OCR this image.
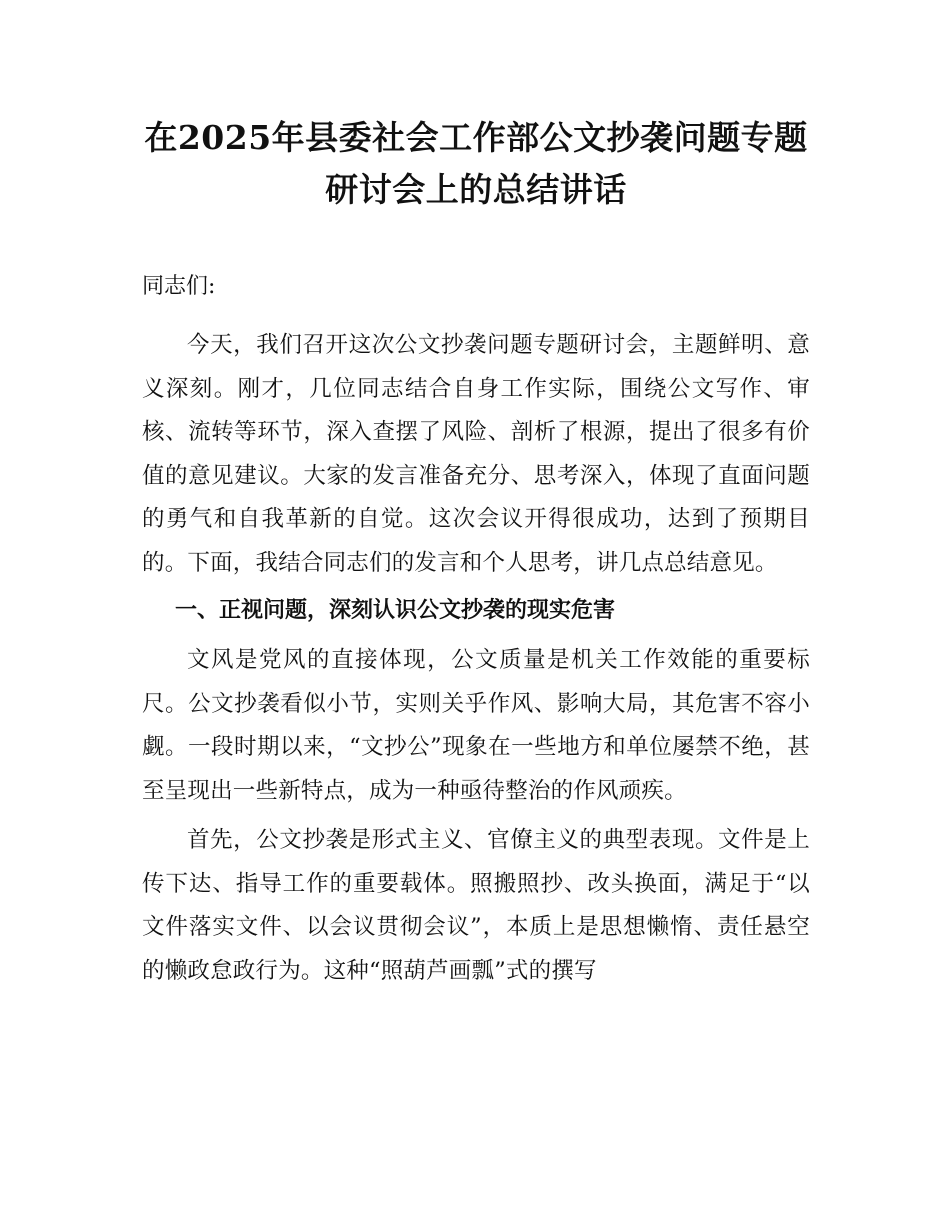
在2025年县委社会工作部公文抄袭问题专题
研讨会上的总结讲话

同志们:

今天，我们召开这次公文抄袭问题专题研讨会，主题鲜明、意义深刻。刚才，几位同志结合自身工作实际，围绕公文写作、审核、流转等环节，深入查摆了风险、剖析了根源，提出了很多有价值的意见建议。大家的发言准备充分、思考深入，体现了直面问题的勇气和自我革新的自觉。这次会议开得很成功，达到了预期目的。下面，我结合同志们的发言和个人思考，讲几点总结意见。

一、正视问题，深刻认识公文抄袭的现实危害

文风是党风的直接体现，公文质量是机关工作效能的重要标尺。公文抄袭看似小节，实则关乎作风、影响大局，其危害不容小觑。一段时期以来，“文抄公”现象在一些地方和单位屡禁不绝，甚至呈现出一些新特点，成为一种亟待整治的作风顽疾。

首先，公文抄袭是形式主义、官僚主义的典型表现。文件是上传下达、指导工作的重要载体。照搬照抄、改头换面，满足于“以文件落实文件、以会议贯彻会议”，本质上是思想懒惰、责任悬空的懒政怠政行为。这种“照葫芦画瓢”式的撰写
